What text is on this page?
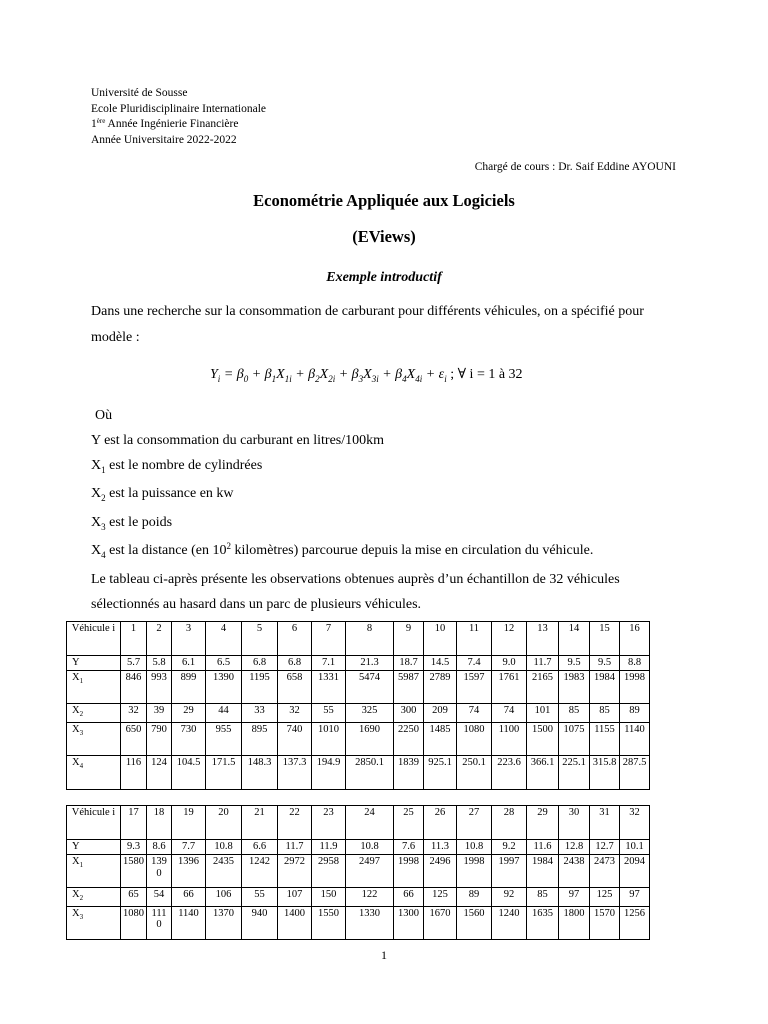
Université de Sousse
Ecole Pluridisciplinaire Internationale
1ère Année Ingénierie Financière
Année Universitaire 2022-2022
Chargé de cours : Dr. Saif Eddine AYOUNI
Econométrie Appliquée aux Logiciels
(EViews)
Exemple introductif
Dans une recherche sur la consommation de carburant pour différents véhicules, on a spécifié pour modèle :
$Y_i = \beta_0 + \beta_1X_{1i} + \beta_2X_{2i} + \beta_3X_{3i} + \beta_4X_{4i} + \varepsilon_i$ ; ∀ i = 1 à 32

Où

Y est la consommation du carburant en litres/100km

$X_1$ est le nombre de cylindrées

$X_2$ est la puissance en kw

$X_3$ est le poids

$X_4$ est la distance (en $10^2$ kilomètres) parcourue depuis la mise en circulation du véhicule.

Le tableau ci-après présente les observations obtenues auprès d’un échantillon de 32 véhicules

sélectionnés au hasard dans un parc de plusieurs véhicules.

Véhicule i	1	2	3	4	5	6	7	8	9	10	11	12	13	14	15	16
Y	5.7	5.8	6.1	6.5	6.8	6.8	7.1	21.3	18.7	14.5	7.4	9.0	11.7	9.5	9.5	8.8
$X_1$	846	993	899	1390	1195	658	1331	5474	5987	2789	1597	1761	2165	1983	1984	1998
$X_2$	32	39	29	44	33	32	55	325	300	209	74	74	101	85	85	89
$X_3$	650	790	730	955	895	740	1010	1690	2250	1485	1080	1100	1500	1075	1155	1140
$X_4$	116	124	104.5	171.5	148.3	137.3	194.9	2850.1	1839	925.1	250.1	223.6	366.1	225.1	315.8	287.5
Véhicule i	17	18	19	20	21	22	23	24	25	26	27	28	29	30	31	32
Y	9.3	8.6	7.7	10.8	6.6	11.7	11.9	10.8	7.6	11.3	10.8	9.2	11.6	12.8	12.7	10.1
$X_1$	1580	1390	1396	2435	1242	2972	2958	2497	1998	2496	1998	1997	1984	2438	2473	2094
$X_2$	65	54	66	106	55	107	150	122	66	125	89	92	85	97	125	97
$X_3$	1080	1110	1140	1370	940	1400	1550	1330	1300	1670	1560	1240	1635	1800	1570	1256
1
